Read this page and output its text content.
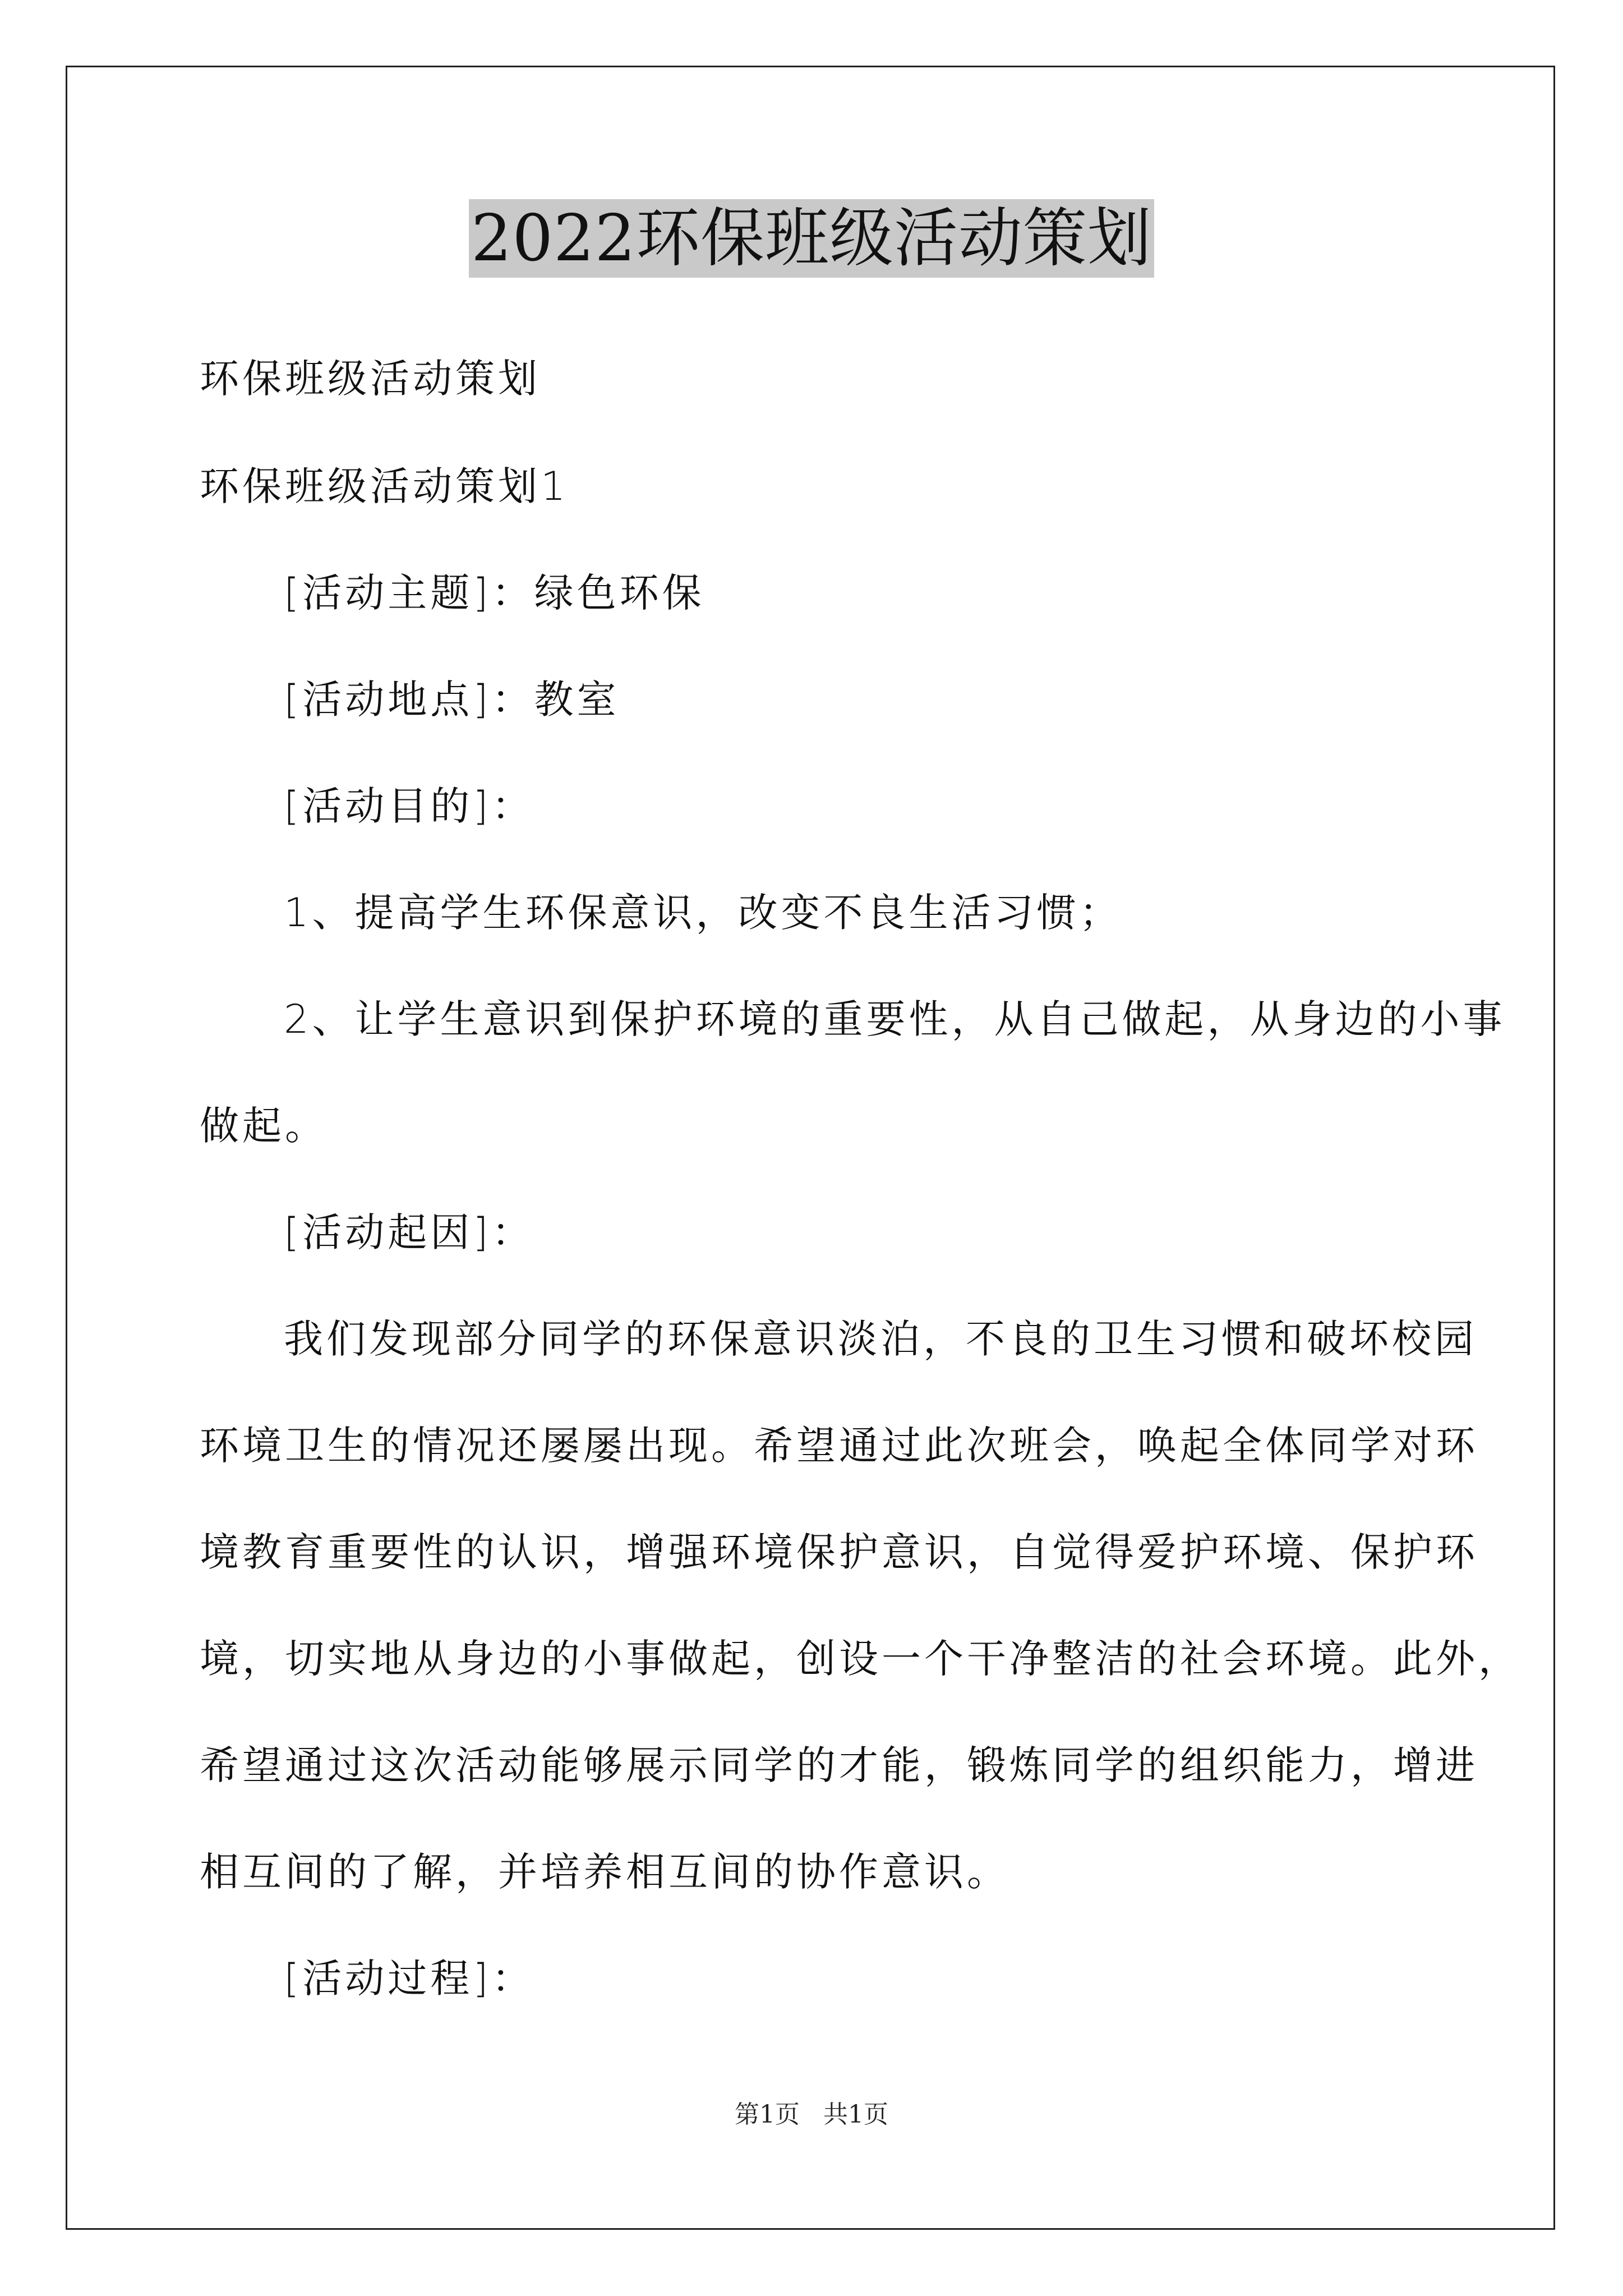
2022环保班级活动策划
环保班级活动策划
环保班级活动策划1
[活动主题]：绿色环保
[活动地点]：教室
[活动目的]：
1、提高学生环保意识，改变不良生活习惯；
2、让学生意识到保护环境的重要性，从自己做起，从身边的小事
做起。
[活动起因]：
我们发现部分同学的环保意识淡泊，不良的卫生习惯和破坏校园
环境卫生的情况还屡屡出现。希望通过此次班会，唤起全体同学对环
境教育重要性的认识，增强环境保护意识，自觉得爱护环境、保护环
境，切实地从身边的小事做起，创设一个干净整洁的社会环境。此外，
希望通过这次活动能够展示同学的才能，锻炼同学的组织能力，增进
相互间的了解，并培养相互间的协作意识。
[活动过程]：
第1页 共1页
